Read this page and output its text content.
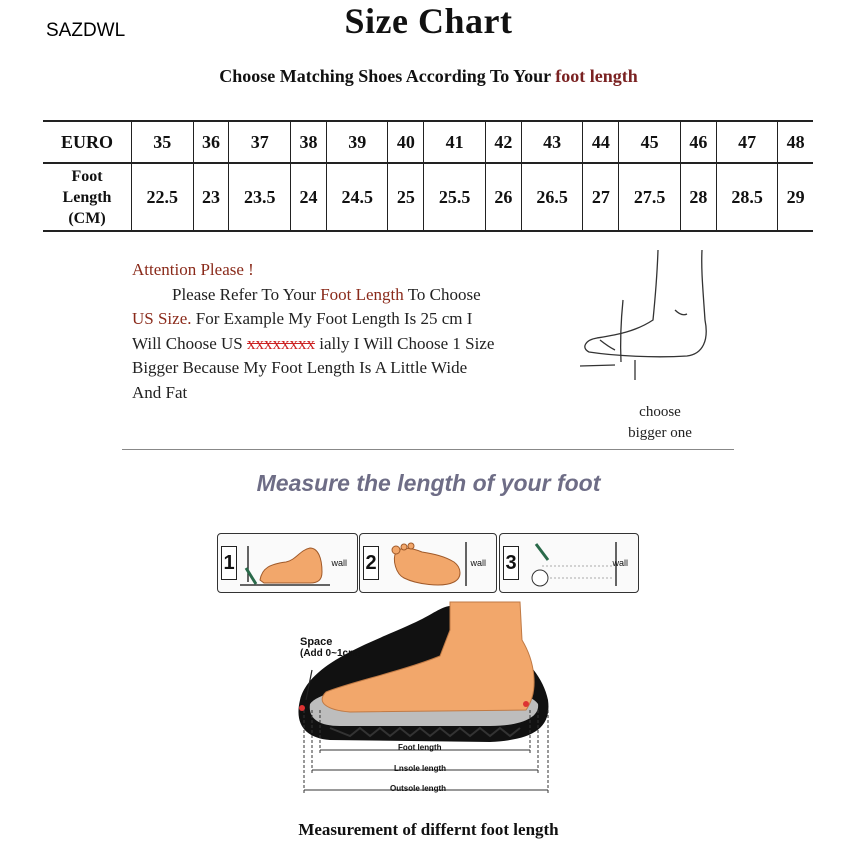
SAZDWL	Size Chart
Choose Matching Shoes According To Your foot length
EURO	35	36	37	38	39	40	41	42	43	44	45	46	47	48

Foot
Length
(CM)	22.5	23	23.5	24	24.5	25	25.5	26	26.5	27	27.5	28	28.5	29
Attention Please !
Please Refer To Your Foot Length To Choose
US Size. For Example My Foot Length Is 25 cm I
Will Choose US xxxxxxxx ially I Will Choose 1 Size
Bigger Because My Foot Length Is A Little Wide
And Fat
choose
bigger one
Measure the length of your foot
1	wall 2	wall 3	wall
Space
(Add 0~1cm)
Foot length
Lnsole length
Outsole length
Measurement of differnt foot length
